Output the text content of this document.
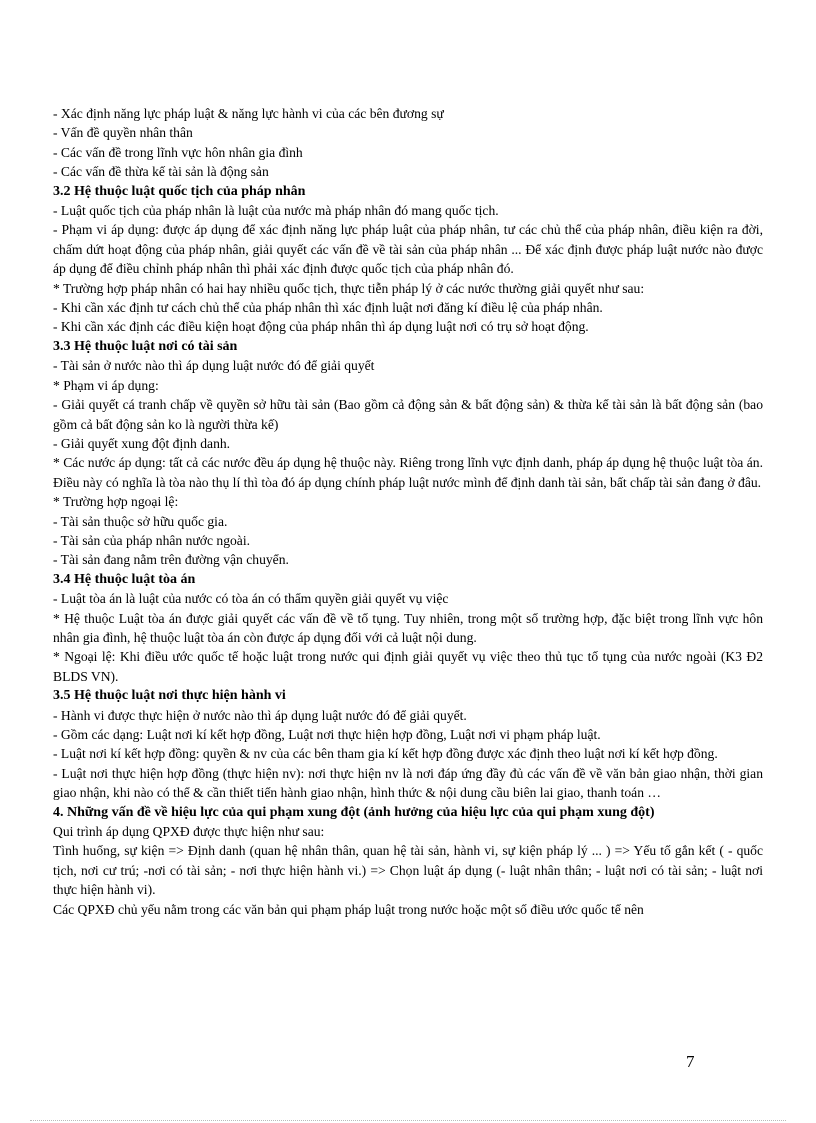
- Xác định năng lực pháp luật & năng lực hành vi của các bên đương sự

- Vấn đề quyền nhân thân

- Các vấn đề trong lĩnh vực hôn nhân gia đình

- Các vấn đề thừa kế tài sản là động sản

3.2 Hệ thuộc luật quốc tịch của pháp nhân

- Luật quốc tịch của pháp nhân là luật của nước mà pháp nhân đó mang quốc tịch.

- Phạm vi áp dụng: được áp dụng để xác định năng lực pháp luật của pháp nhân, tư các chủ thể của pháp nhân, điều kiện ra đời, chấm dứt hoạt động của pháp nhân, giải quyết các vấn đề về tài sản của pháp nhân ... Để xác định được pháp luật nước nào được áp dụng để điều chỉnh pháp nhân thì phải xác định được quốc tịch của pháp nhân đó.

* Trường hợp pháp nhân có hai hay nhiều quốc tịch, thực tiễn pháp lý ở các nước thường giải quyết như sau:

- Khi cần xác định tư cách chủ thể của pháp nhân thì xác định luật nơi đăng kí điều lệ của pháp nhân.

- Khi cần xác định các điều kiện hoạt động của pháp nhân thì áp dụng luật nơi có trụ sở hoạt động.

3.3 Hệ thuộc luật nơi có tài sản

- Tài sản ở nước nào thì áp dụng luật nước đó để giải quyết

* Phạm vi áp dụng:

- Giải quyết cá tranh chấp về quyền sở hữu tài sản (Bao gồm cả động sản & bất động sản) & thừa kế tài sản là bất động sản (bao gồm cả bất động sản ko là người thừa kế)

- Giải quyết xung đột định danh.

* Các nước áp dụng: tất cả các nước đều áp dụng hệ thuộc này. Riêng trong lĩnh vực định danh, pháp áp dụng hệ thuộc luật tòa án. Điều này có nghĩa là tòa nào thụ lí thì tòa đó áp dụng chính pháp luật nước mình để định danh tài sản, bất chấp tài sản đang ở đâu.

* Trường hợp ngoại lệ:

- Tài sản thuộc sở hữu quốc gia.

- Tài sản của pháp nhân nước ngoài.

- Tài sản đang nằm trên đường vận chuyển.

3.4 Hệ thuộc luật tòa án

- Luật tòa án là luật của nước có tòa án có thẩm quyền giải quyết vụ việc

* Hệ thuộc Luật tòa án được giải quyết các vấn đề về tố tụng. Tuy nhiên, trong một số trường hợp, đặc biệt trong lĩnh vực hôn nhân gia đình, hệ thuộc luật tòa án còn được áp dụng đối với cả luật nội dung.

* Ngoại lệ: Khi điều ước quốc tế hoặc luật trong nước qui định giải quyết vụ việc theo thủ tục tố tụng của nước ngoài (K3 Đ2 BLDS VN).

3.5 Hệ thuộc luật nơi thực hiện hành vi

- Hành vi được thực hiện ở nước nào thì áp dụng luật nước đó để giải quyết.

- Gồm các dạng: Luật nơi kí kết hợp đồng, Luật nơi thực hiện hợp đồng, Luật nơi vi phạm pháp luật.

- Luật nơi kí kết hợp đồng: quyền & nv của các bên tham gia kí kết hợp đồng được xác định theo luật nơi kí kết hợp đồng.

- Luật nơi thực hiện hợp đồng (thực hiện nv): nơi thực hiện nv là nơi đáp ứng đầy đủ các vấn đề về văn bản giao nhận, thời gian giao nhận, khi nào có thể & cần thiết tiến hành giao nhận, hình thức & nội dung cầu biên lai giao, thanh toán …

4. Những vấn đề về hiệu lực của qui phạm xung đột (ảnh hưởng của hiệu lực của qui phạm xung đột)

Qui trình áp dụng QPXĐ được thực hiện như sau:

Tình huống, sự kiện => Định danh (quan hệ nhân thân, quan hệ tài sản, hành vi, sự kiện pháp lý ... ) => Yếu tố gắn kết ( - quốc tịch, nơi cư trú; -nơi có tài sản; - nơi thực hiện hành vi.) => Chọn luật áp dụng (- luật nhân thân; - luật nơi có tài sản; - luật nơi thực hiện hành vi).

Các QPXĐ chủ yếu nằm trong các văn bản qui phạm pháp luật trong nước hoặc một số điều ước quốc tế nên

7
